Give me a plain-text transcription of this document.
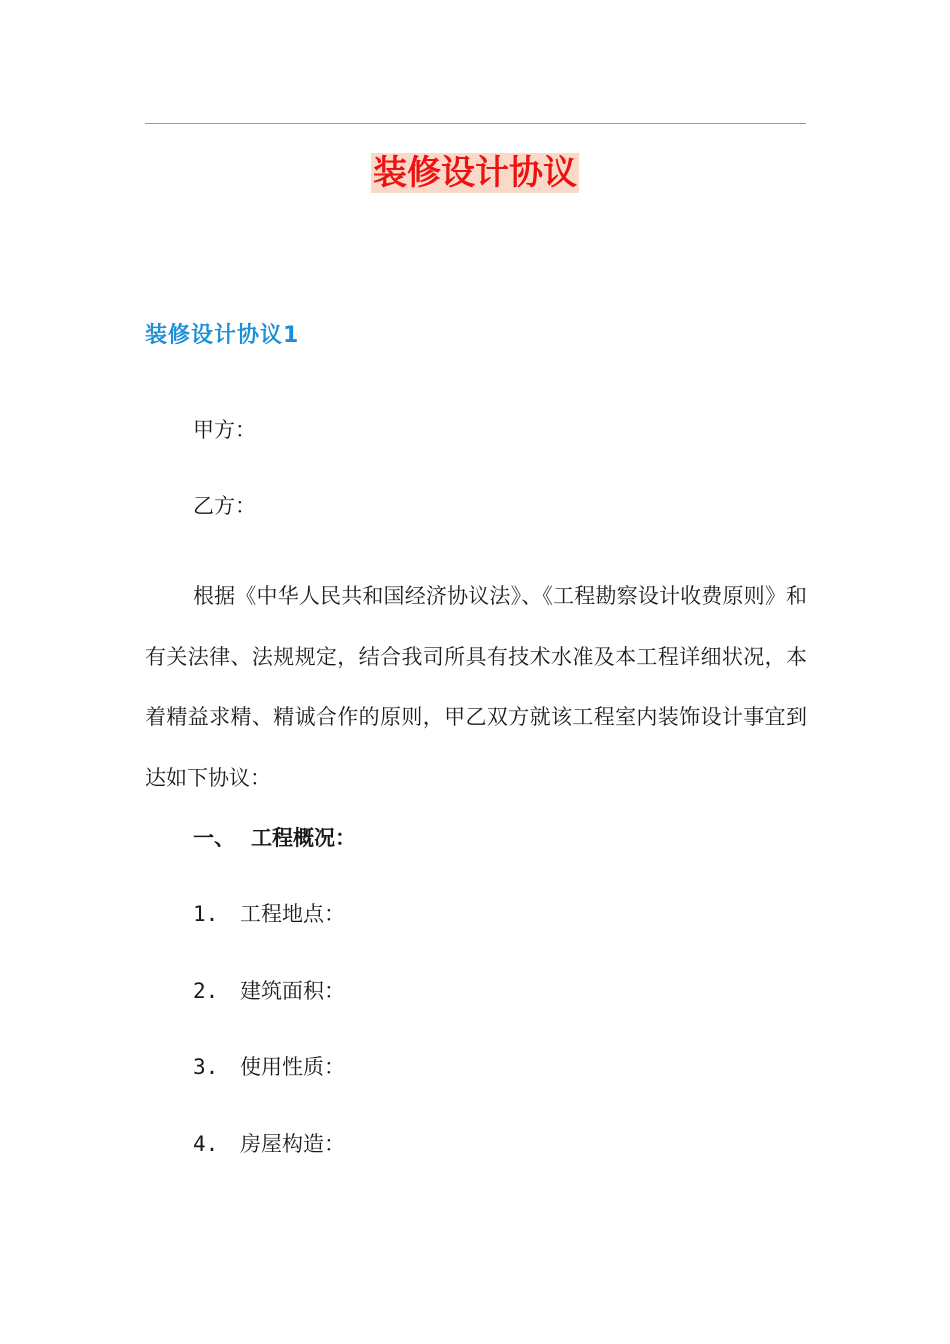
装修设计协议
装修设计协议1
甲方：
乙方：

根据《中华人民共和国经济协议法》、《工程勘察设计收费原则》和有关法律、法规规定，结合我司所具有技术水准及本工程详细状况，本着精益求精、精诚合作的原则，甲乙双方就该工程室内装饰设计事宜到达如下协议：

一、 工程概况：
1. 工程地点：
2. 建筑面积：
3. 使用性质：
4. 房屋构造：
